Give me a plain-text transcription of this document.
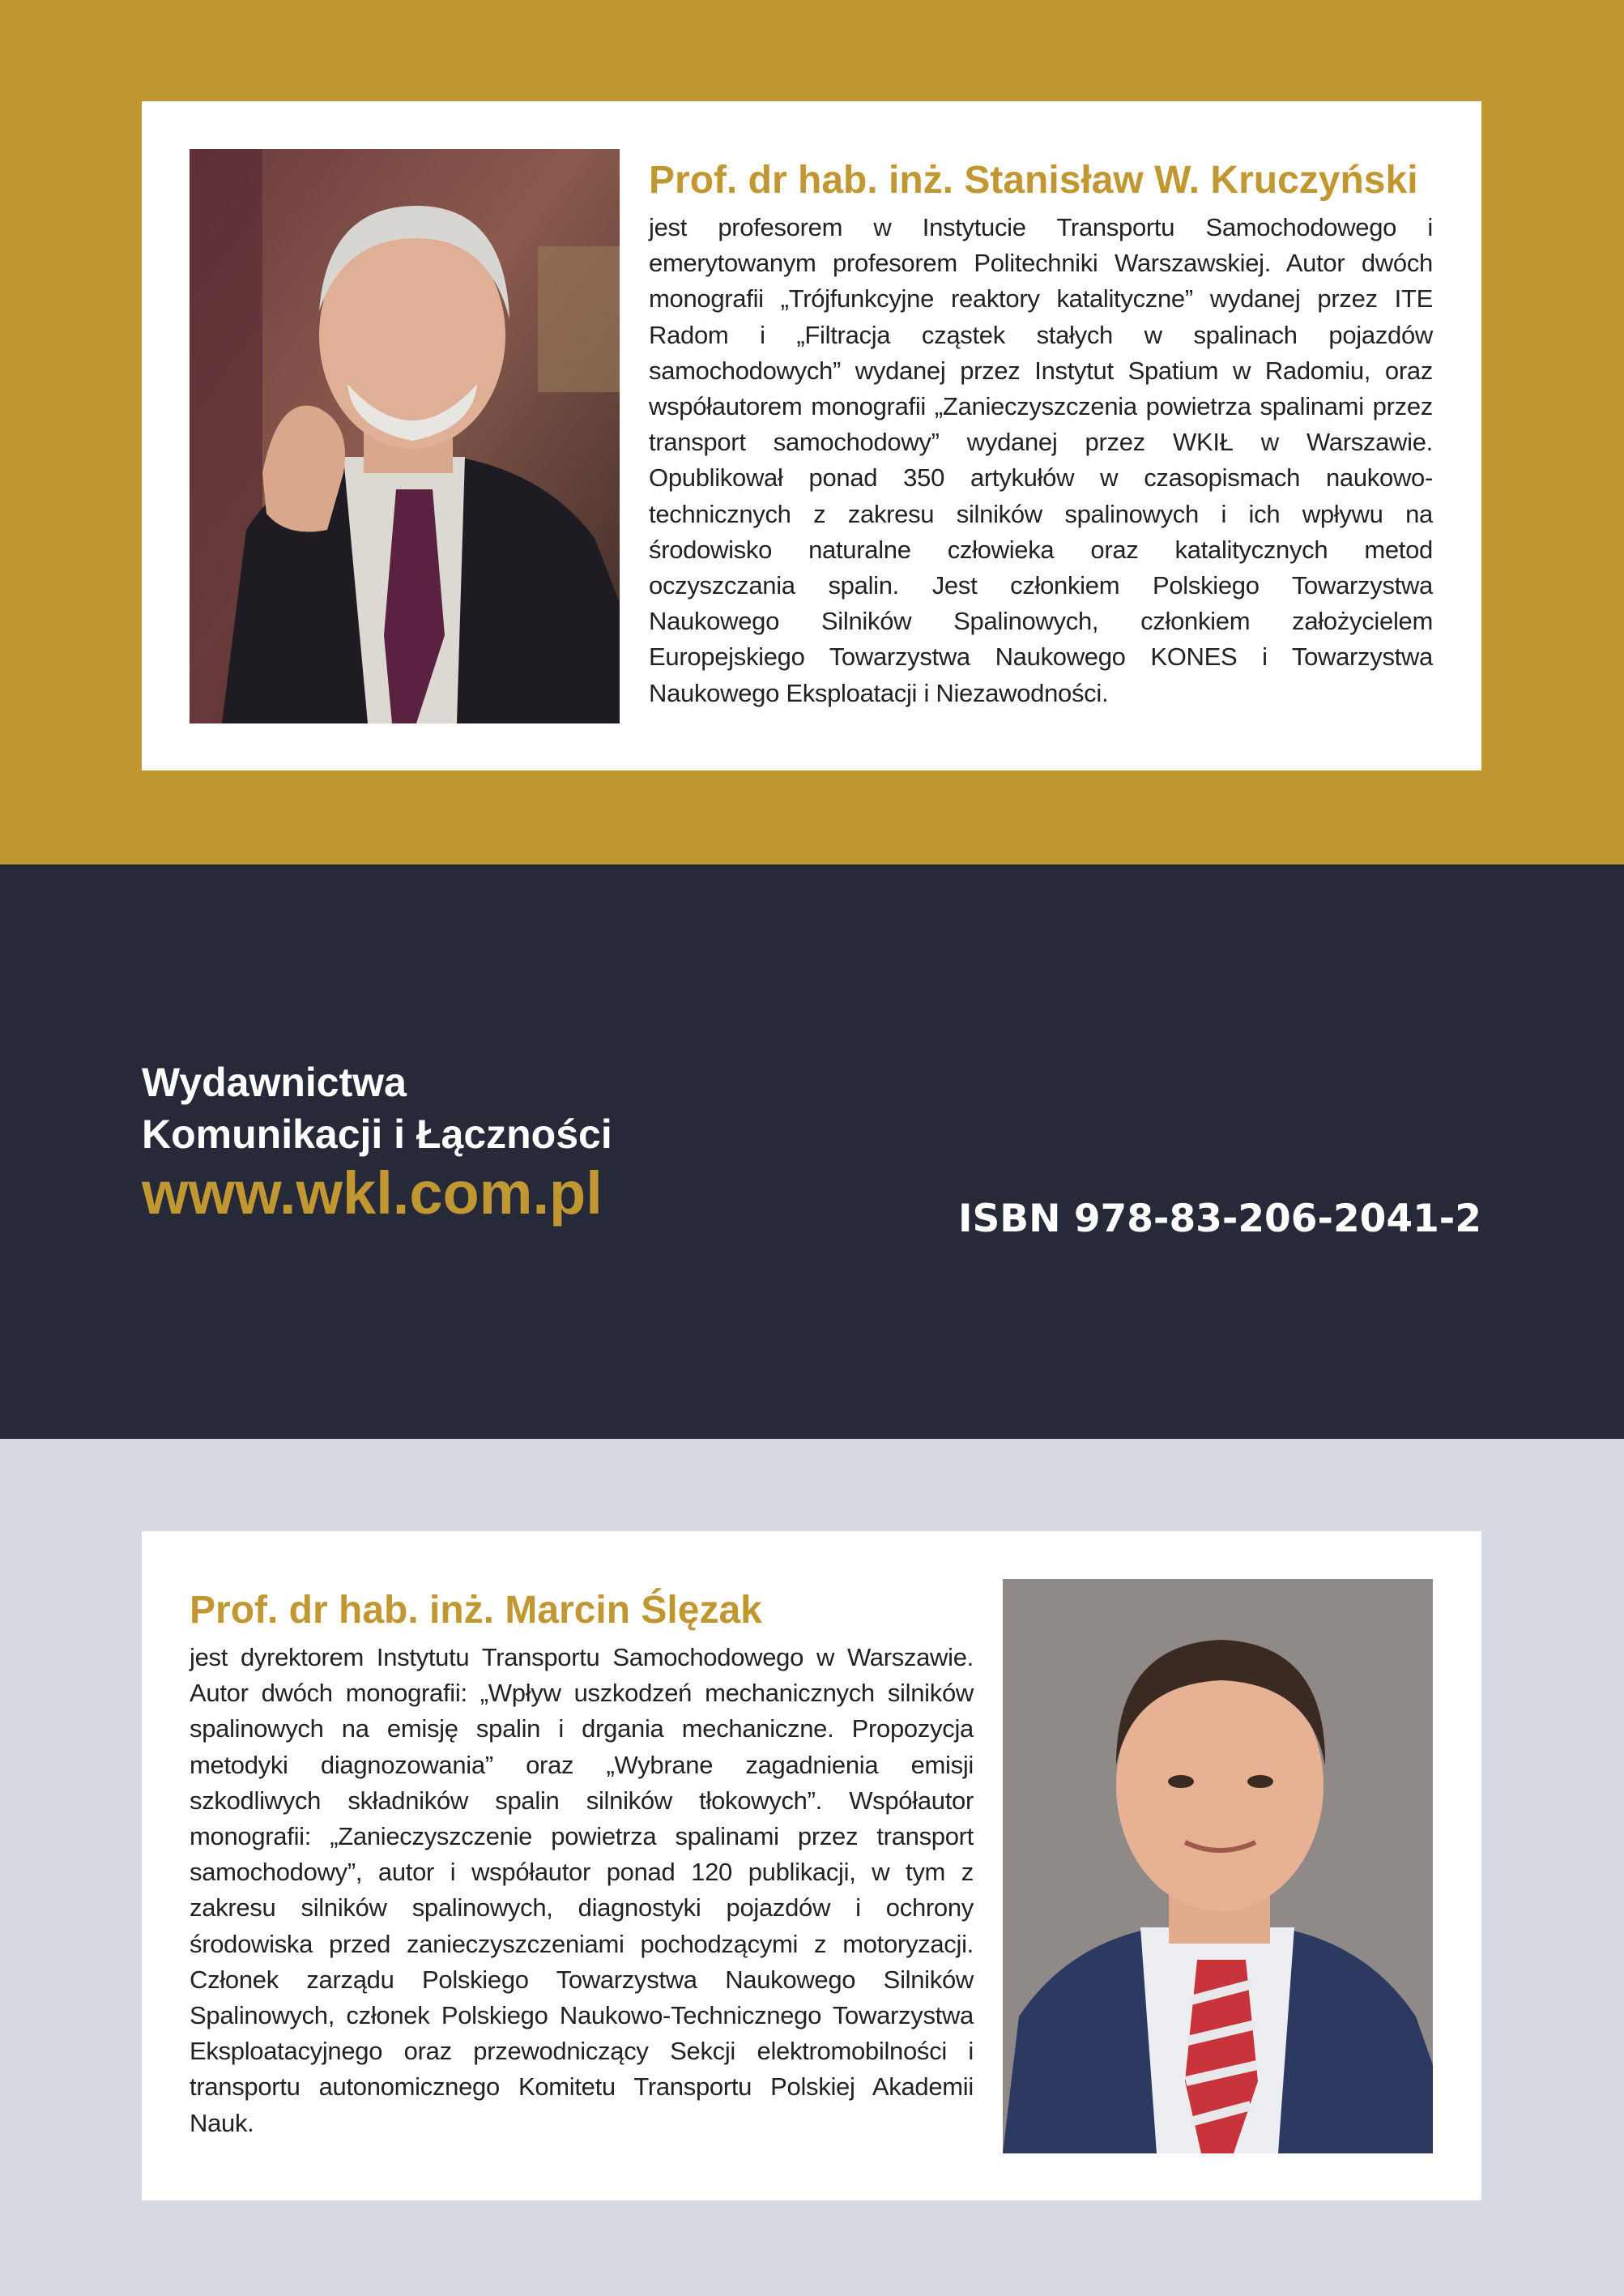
Prof. dr hab. inż. Stanisław W. Kruczyński

jest profesorem w Instytucie Transportu Samochodowego i emerytowanym profesorem Politechniki Warszawskiej. Autor dwóch monografii „Trójfunkcyjne reaktory katalityczne” wydanej przez ITE Radom i „Filtracja cząstek stałych w spalinach pojazdów samochodowych” wydanej przez Instytut Spatium w Radomiu, oraz współautorem monografii „Zanieczyszczenia powietrza spalinami przez transport samochodowy” wydanej przez WKIŁ w Warszawie. Opublikował ponad 350 artykułów w czasopismach naukowo-technicznych z zakresu silników spalinowych i ich wpływu na środowisko naturalne człowieka oraz katalitycznych metod oczyszczania spalin. Jest członkiem Polskiego Towarzystwa Naukowego Silników Spalinowych, członkiem założycielem Europejskiego Towarzystwa Naukowego KONES i Towarzystwa Naukowego Eksploatacji i Niezawodności.

Wydawnictwa
Komunikacji i Łączności
www.wkl.com.pl	ISBN 978-83-206-2041-2
Prof. dr hab. inż. Marcin Ślęzak

jest dyrektorem Instytutu Transportu Samochodowego w Warszawie. Autor dwóch monografii: „Wpływ uszkodzeń mechanicznych silników spalinowych na emisję spalin i drgania mechaniczne. Propozycja metodyki diagnozowania” oraz „Wybrane zagadnienia emisji szkodliwych składników spalin silników tłokowych”. Współautor monografii: „Zanieczyszczenie powietrza spalinami przez transport samochodowy”, autor i współautor ponad 120 publikacji, w tym z zakresu silników spalinowych, diagnostyki pojazdów i ochrony środowiska przed zanieczyszczeniami pochodzącymi z motoryzacji. Członek zarządu Polskiego Towarzystwa Naukowego Silników Spalinowych, członek Polskiego Naukowo-Technicznego Towarzystwa Eksploatacyjnego oraz przewodniczący Sekcji elektromobilności i transportu autonomicznego Komitetu Transportu Polskiej Akademii Nauk.
